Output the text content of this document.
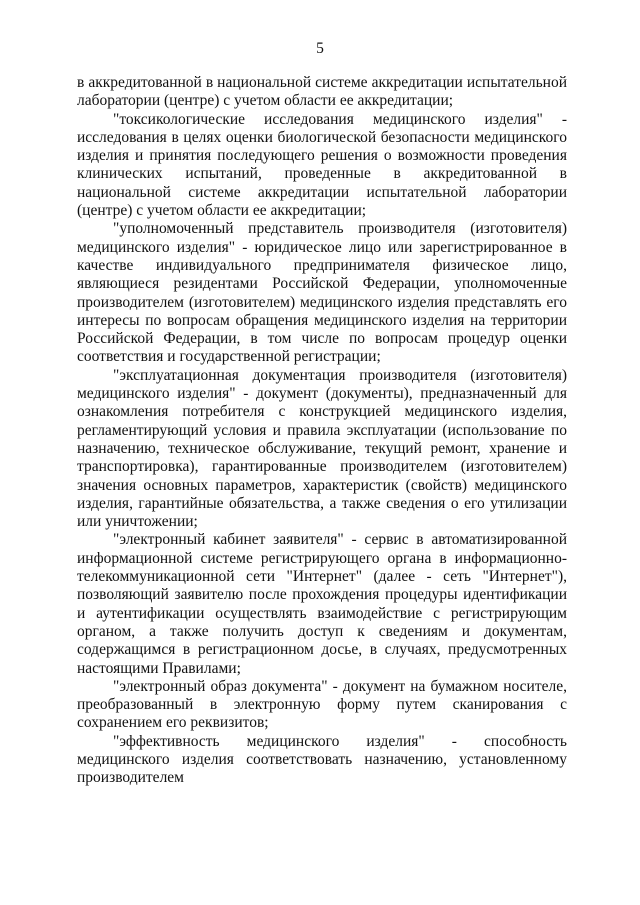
5

в аккредитованной в национальной системе аккредитации испытательной лаборатории (центре) с учетом области ее аккредитации;

"токсикологические исследования медицинского изделия" - исследования в целях оценки биологической безопасности медицинского изделия и принятия последующего решения о возможности проведения клинических испытаний, проведенные в аккредитованной в национальной системе аккредитации испытательной лаборатории (центре) с учетом области ее аккредитации;

"уполномоченный представитель производителя (изготовителя) медицинского изделия" - юридическое лицо или зарегистрированное в качестве индивидуального предпринимателя физическое лицо, являющиеся резидентами Российской Федерации, уполномоченные производителем (изготовителем) медицинского изделия представлять его интересы по вопросам обращения медицинского изделия на территории Российской Федерации, в том числе по вопросам процедур оценки соответствия и государственной регистрации;

"эксплуатационная документация производителя (изготовителя) медицинского изделия" - документ (документы), предназначенный для ознакомления потребителя с конструкцией медицинского изделия, регламентирующий условия и правила эксплуатации (использование по назначению, техническое обслуживание, текущий ремонт, хранение и транспортировка), гарантированные производителем (изготовителем) значения основных параметров, характеристик (свойств) медицинского изделия, гарантийные обязательства, а также сведения о его утилизации или уничтожении;

"электронный кабинет заявителя" - сервис в автоматизированной информационной системе регистрирующего органа в информационно-телекоммуникационной сети "Интернет" (далее - сеть "Интернет"), позволяющий заявителю после прохождения процедуры идентификации и аутентификации осуществлять взаимодействие с регистрирующим органом, а также получить доступ к сведениям и документам, содержащимся в регистрационном досье, в случаях, предусмотренных настоящими Правилами;

"электронный образ документа" - документ на бумажном носителе, преобразованный в электронную форму путем сканирования с сохранением его реквизитов;

"эффективность медицинского изделия" - способность медицинского изделия соответствовать назначению, установленному производителем
